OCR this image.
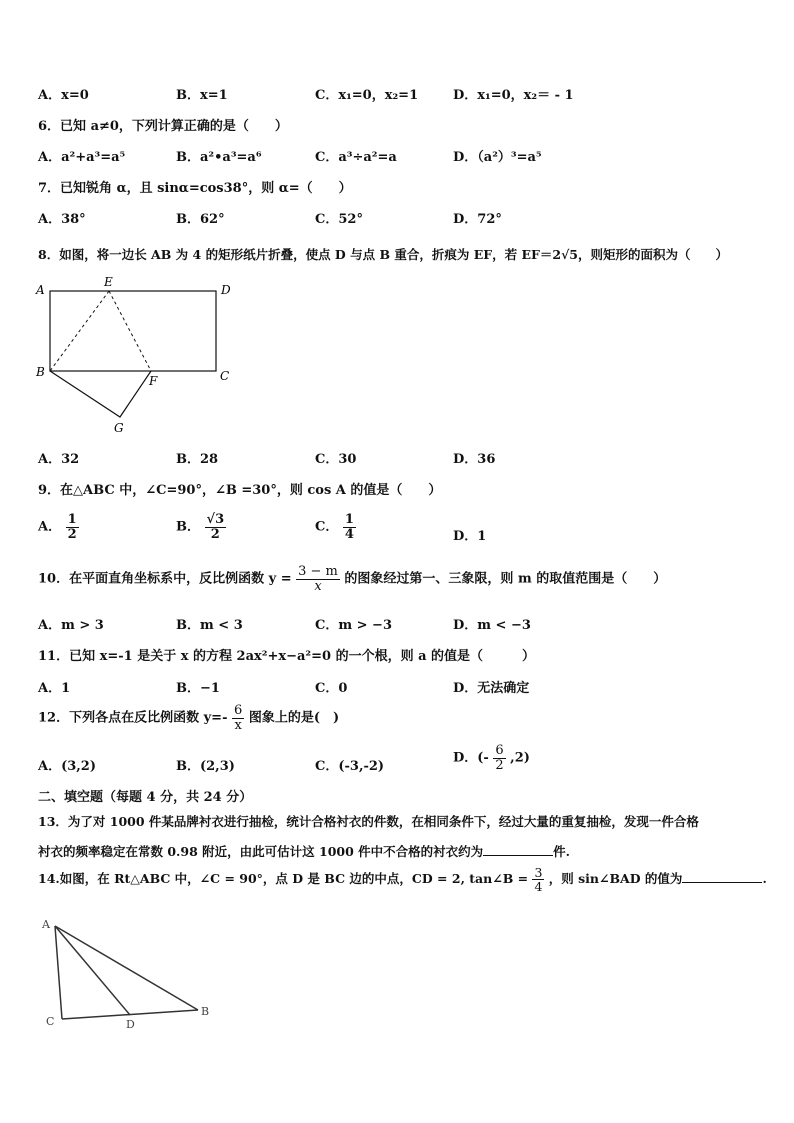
A．x=0	B．x=1	C．x₁=0，x₂=1	D．x₁=0，x₂＝ - 1
6．已知 a≠0，下列计算正确的是（　　）
A．a²+a³=a⁵	B．a²•a³=a⁶	C．a³÷a²=a	D．（a²）³=a⁵
7．已知锐角 α，且 sinα=cos38°，则 α=（　　）
A．38°	B．62°	C．52°	D．72°
8．如图，将一边长 AB 为 4 的矩形纸片折叠，使点 D 与点 B 重合，折痕为 EF，若 EF＝2√5，则矩形的面积为（　　）
A
E
D
B
F	C
G
A．32	B．28	C．30	D．36
9．在△ABC 中，∠C=90°，∠B =30°，则 cos A 的值是（　　）
A． $\frac{1}{2}$	B． $\frac{√3}{2}$	C． $\frac{1}{4}$	D．1
10．在平面直角坐标系中，反比例函数 $y = \frac{3 - m}{x}$ 的图象经过第一、三象限，则 m 的取值范围是（　　）
A．m > 3	B．m < 3	C．m > −3	D．m < −3
11．已知 x=-1 是关于 x 的方程 2ax²+x−a²=0 的一个根，则 a 的值是（　　　）
A．1	B．−1	C．0	D．无法确定
12．下列各点在反比例函数 $y=- \frac{6}{x}$ 图象上的是(　)
A．(3,2)	B．(2,3)	C．(-3,-2)
D．(- $\frac{6}{2} ,2$)
二、填空题（每题 4 分，共 24 分）
13．为了对 1000 件某品牌衬衣进行抽检，统计合格衬衣的件数，在相同条件下，经过大量的重复抽检，发现一件合格
衬衣的频率稳定在常数 0.98 附近，由此可估计这 1000 件中不合格的衬衣约为	件.
14.如图，在 Rt△ABC 中，∠C = 90°，点 D 是 BC 边的中点，CD = 2, tan∠B = $\frac{3}{4}$ ，则 sin∠BAD 的值为	.
A
C	D
B
